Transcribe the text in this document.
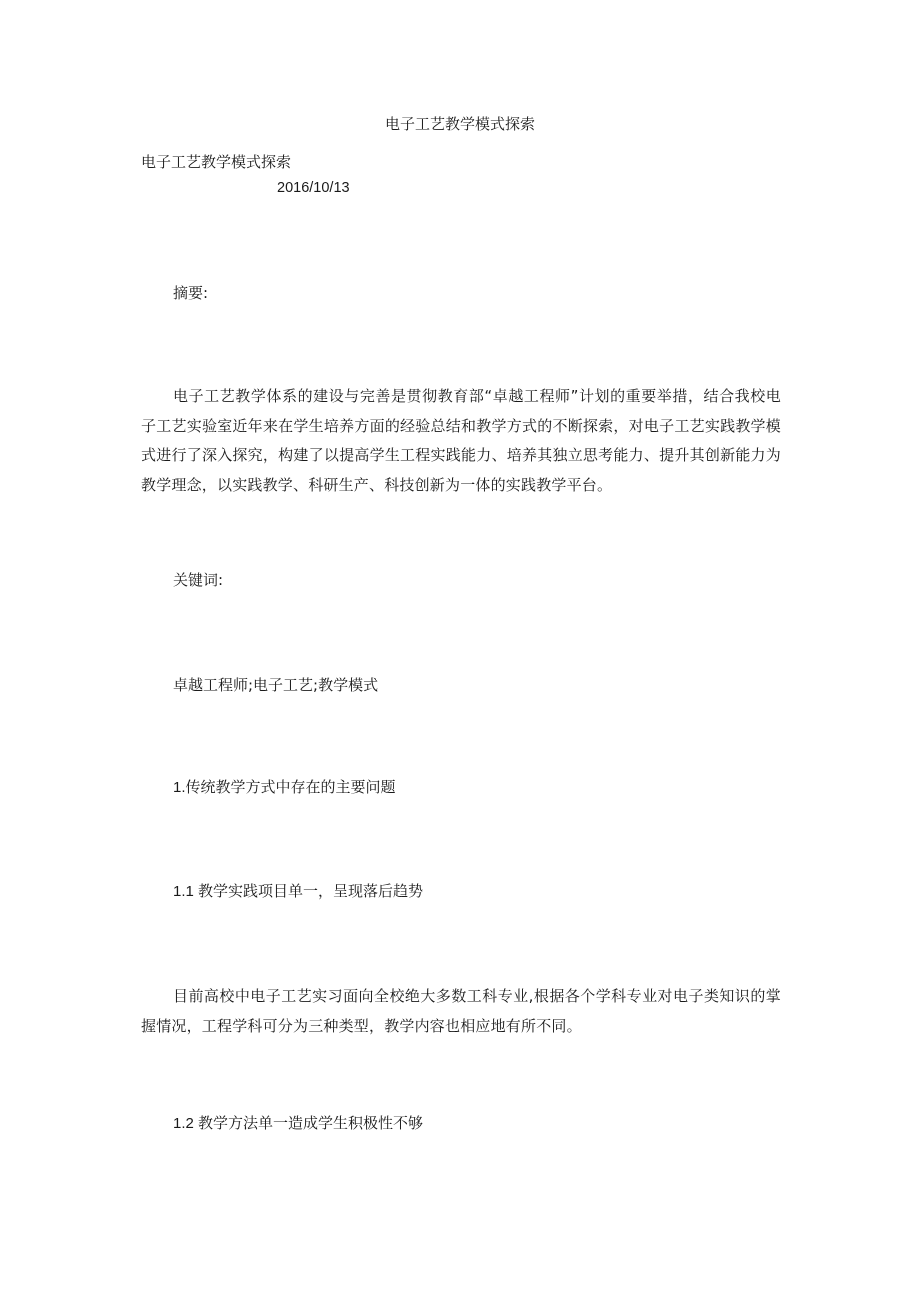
电子工艺教学模式探索
电子工艺教学模式探索
2016/10/13
摘要:
电子工艺教学体系的建设与完善是贯彻教育部“卓越工程师”计划的重要举措，结合我校电子工艺实验室近年来在学生培养方面的经验总结和教学方式的不断探索，对电子工艺实践教学模式进行了深入探究，构建了以提高学生工程实践能力、培养其独立思考能力、提升其创新能力为教学理念，以实践教学、科研生产、科技创新为一体的实践教学平台。
关键词:
卓越工程师;电子工艺;教学模式
1.传统教学方式中存在的主要问题
1.1 教学实践项目单一，呈现落后趋势
目前高校中电子工艺实习面向全校绝大多数工科专业,根据各个学科专业对电子类知识的掌握情况，工程学科可分为三种类型，教学内容也相应地有所不同。
1.2 教学方法单一造成学生积极性不够
